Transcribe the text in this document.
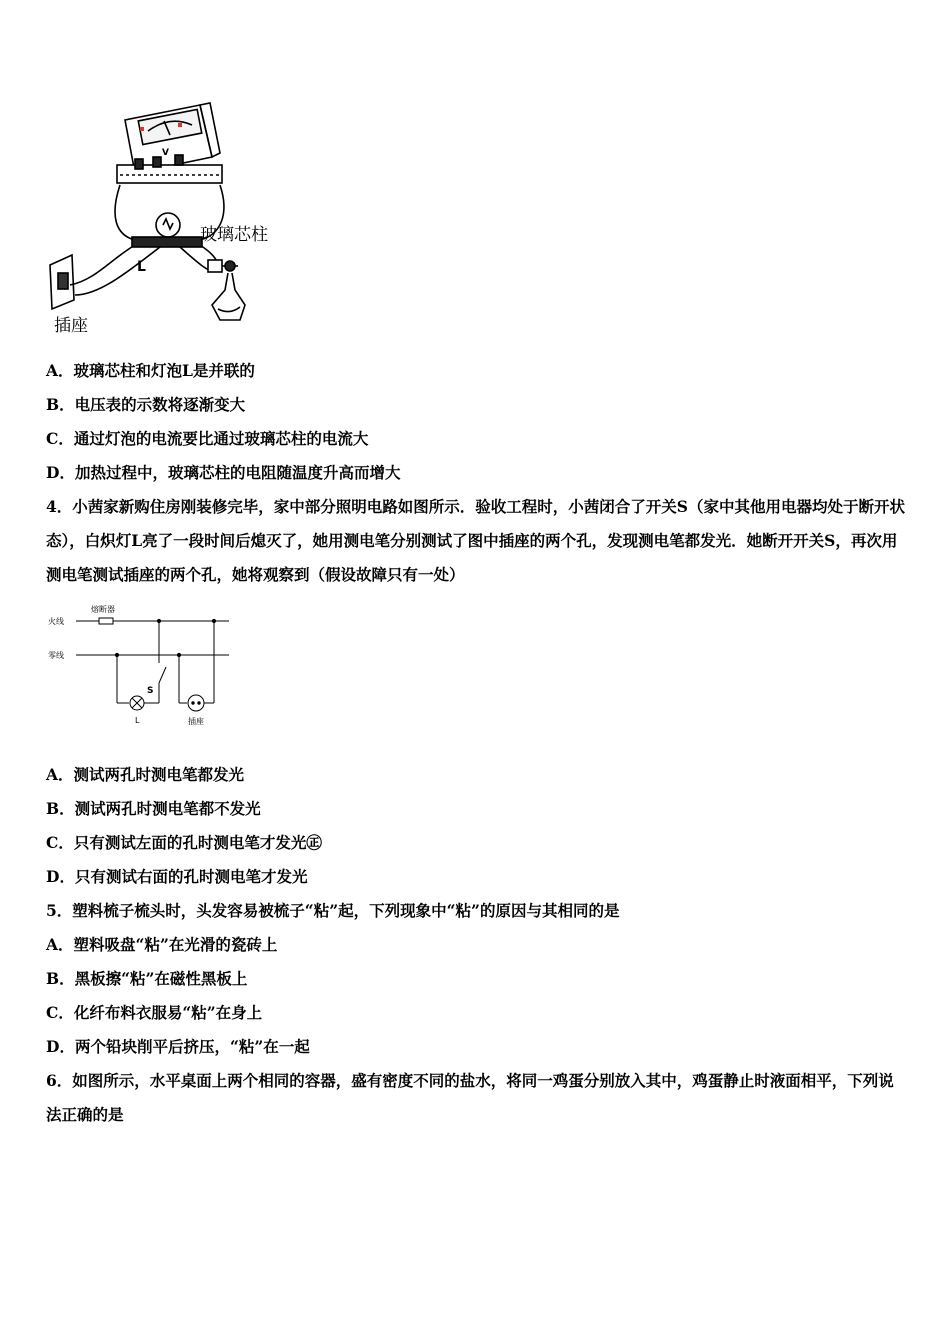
V
L
玻璃芯柱
插座
A．玻璃芯柱和灯泡L是并联的
B．电压表的示数将逐渐变大
C．通过灯泡的电流要比通过玻璃芯柱的电流大
D．加热过程中，玻璃芯柱的电阻随温度升高而增大
4．小茜家新购住房刚装修完毕，家中部分照明电路如图所示．验收工程时，小茜闭合了开关S（家中其他用电器均处于断开状态），白炽灯L亮了一段时间后熄灭了，她用测电笔分别测试了图中插座的两个孔，发现测电笔都发光．她断开开关S，再次用测电笔测试插座的两个孔，她将观察到（假设故障只有一处）
火线
零线
熔断器
S
L	插座
A．测试两孔时测电笔都发光
B．测试两孔时测电笔都不发光
C．只有测试左面的孔时测电笔才发光㊣
D．只有测试右面的孔时测电笔才发光
5．塑料梳子梳头时，头发容易被梳子“粘”起，下列现象中“粘”的原因与其相同的是
A．塑料吸盘“粘”在光滑的瓷砖上
B．黑板擦“粘”在磁性黑板上
C．化纤布料衣服易“粘”在身上
D．两个铅块削平后挤压，“粘”在一起
6．如图所示，水平桌面上两个相同的容器，盛有密度不同的盐水，将同一鸡蛋分别放入其中，鸡蛋静止时液面相平，下列说法正确的是
